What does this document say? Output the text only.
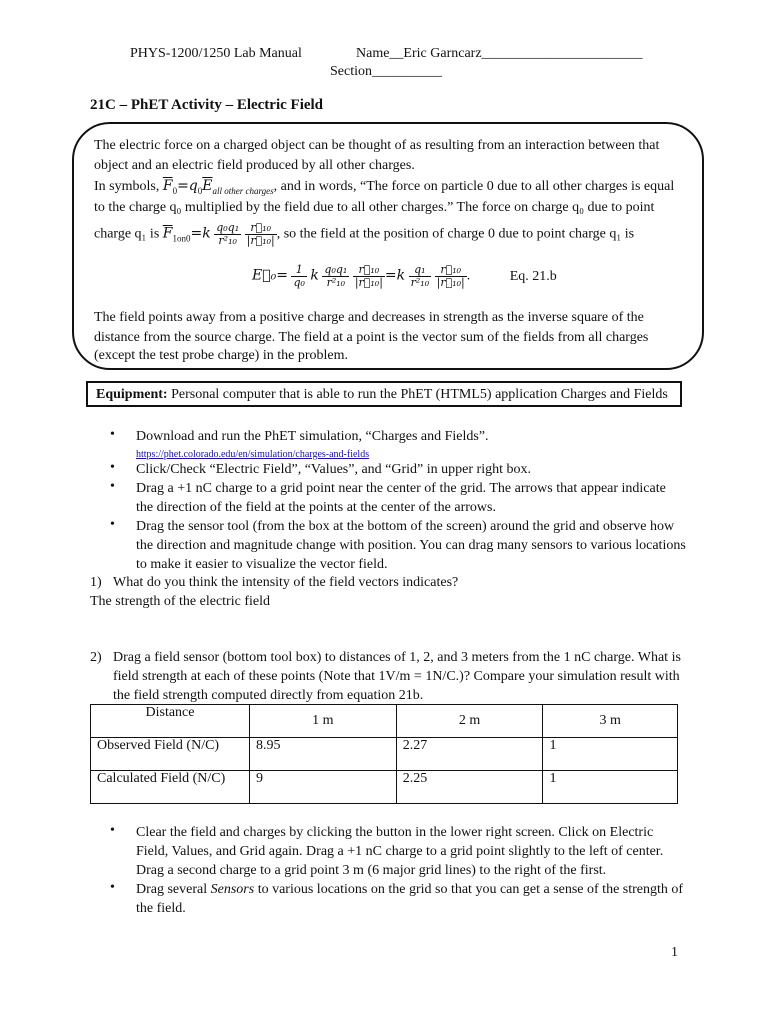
PHYS-1200/1250 Lab Manual	Name__Eric Garncarz_______________________
Section__________
21C – PhET Activity – Electric Field
The electric force on a charged object can be thought of as resulting from an interaction between that
object and an electric field produced by all other charges.
In symbols, $\overline{F}_0=q_0\overline{E}_{all other charges}$, and in words, “The force on particle 0 due to all other charges is equal
to the charge q₀ multiplied by the field due to all other charges.” The force on charge q₀ due to point
charge q₁ is $\overline{F}_{1on0}=k \frac{\text{q₀q₁}}{\text{r²₁₀}}$
$\frac{\text{r⃗₁₀}}{\text{|r⃗₁₀|}}$ , so the field at the position of charge 0 due to point charge q₁ is
E⃗₀= $\frac{1}{\text{q₀}}$ k $\frac{\text{q₀q₁}}{\text{r²₁₀}}$
$\frac{\text{r⃗₁₀}}{\text{|r⃗₁₀|}} =k \frac{\text{q₁}}{\text{r²₁₀}}$
$\frac{\text{r⃗₁₀}}{\text{|r⃗₁₀|}}$ .	Eq. 21.b
The field points away from a positive charge and decreases in strength as the inverse square of the
distance from the source charge. The field at a point is the vector sum of the fields from all charges
(except the test probe charge) in the problem.
Equipment: Personal computer that is able to run the PhET (HTML5) application Charges and Fields
• Download and run the PhET simulation, “Charges and Fields”.
https://phet.colorado.edu/en/simulation/charges-and-fields
• Click/Check “Electric Field”, “Values”, and “Grid” in upper right box.
• Drag a +1 nC charge to a grid point near the center of the grid. The arrows that appear indicate the direction of the field at the points at the center of the arrows.
• Drag the sensor tool (from the box at the bottom of the screen) around the grid and observe how the direction and magnitude change with position. You can drag many sensors to various locations to make it easier to visualize the vector field.
1) What do you think the intensity of the field vectors indicates?
The strength of the electric field
2) Drag a field sensor (bottom tool box) to distances of 1, 2, and 3 meters from the 1 nC charge. What is field strength at each of these points (Note that 1V/m = 1N/C.)? Compare your simulation result with the field strength computed directly from equation 21b.
Distance	1 m	2 m	3 m
Observed Field (N/C)	8.95	2.27	1
Calculated Field (N/C)	9	2.25	1
• Clear the field and charges by clicking the button in the lower right screen. Click on Electric Field, Values, and Grid again. Drag a +1 nC charge to a grid point slightly to the left of center. Drag a second charge to a grid point 3 m (6 major grid lines) to the right of the first.
• Drag several Sensors to various locations on the grid so that you can get a sense of the strength of the field.
1
